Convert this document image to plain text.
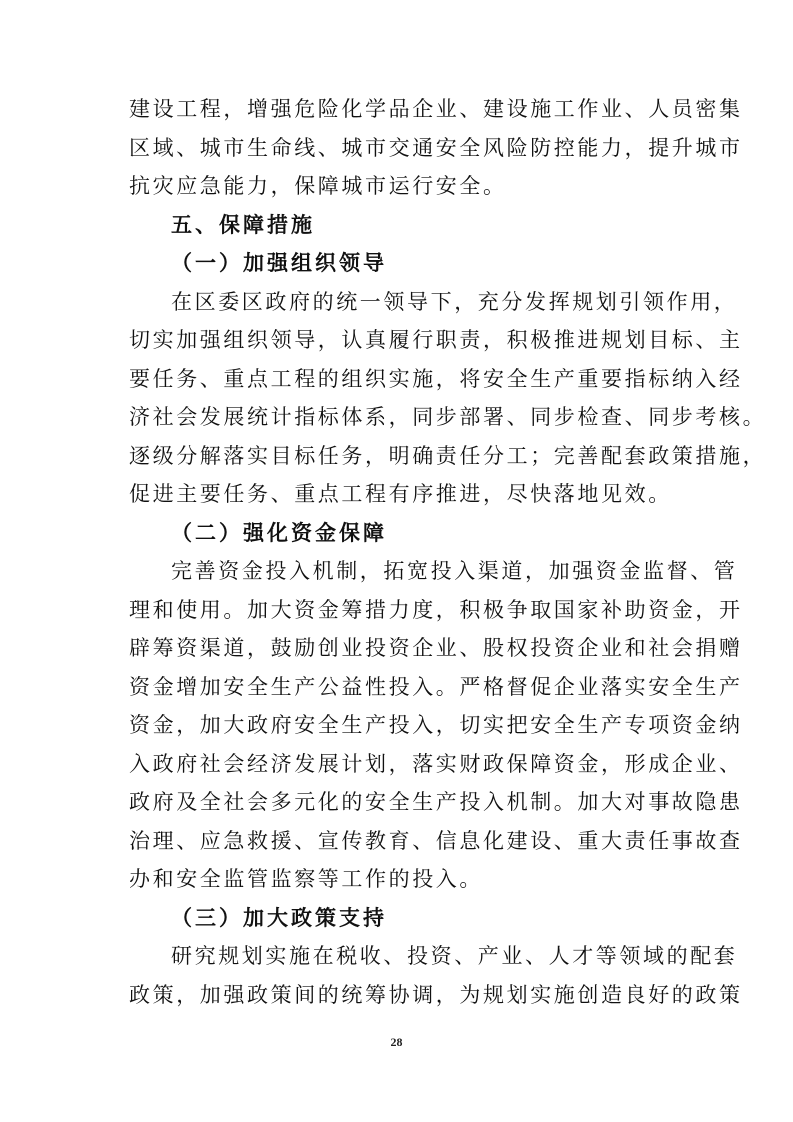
建设工程，增强危险化学品企业、建设施工作业、人员密集
区域、城市生命线、城市交通安全风险防控能力，提升城市
抗灾应急能力，保障城市运行安全。
五、保障措施
（一）加强组织领导
在区委区政府的统一领导下，充分发挥规划引领作用，
切实加强组织领导，认真履行职责，积极推进规划目标、主
要任务、重点工程的组织实施，将安全生产重要指标纳入经
济社会发展统计指标体系，同步部署、同步检查、同步考核。
逐级分解落实目标任务，明确责任分工；完善配套政策措施，
促进主要任务、重点工程有序推进，尽快落地见效。
（二）强化资金保障
完善资金投入机制，拓宽投入渠道，加强资金监督、管
理和使用。加大资金筹措力度，积极争取国家补助资金，开
辟筹资渠道，鼓励创业投资企业、股权投资企业和社会捐赠
资金增加安全生产公益性投入。严格督促企业落实安全生产
资金，加大政府安全生产投入，切实把安全生产专项资金纳
入政府社会经济发展计划，落实财政保障资金，形成企业、
政府及全社会多元化的安全生产投入机制。加大对事故隐患
治理、应急救援、宣传教育、信息化建设、重大责任事故查
办和安全监管监察等工作的投入。
（三）加大政策支持
研究规划实施在税收、投资、产业、人才等领域的配套
政策，加强政策间的统筹协调，为规划实施创造良好的政策
28
